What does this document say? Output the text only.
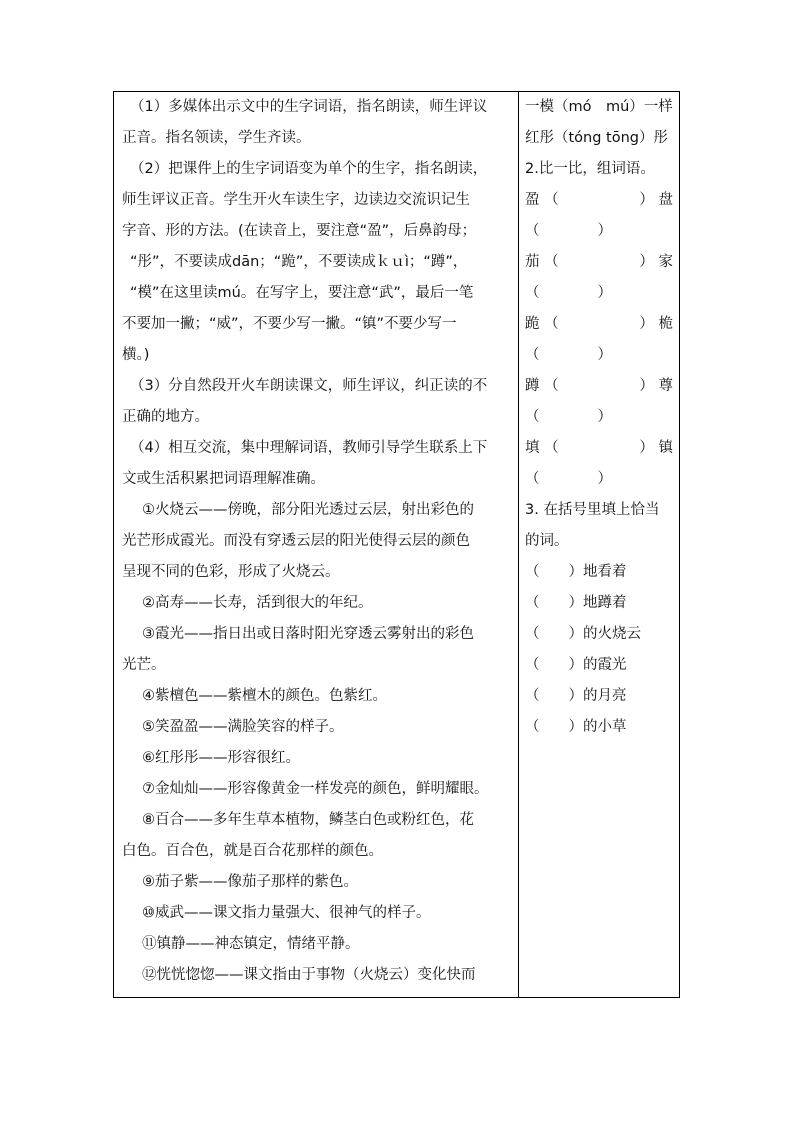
（1）多媒体出示文中的生字词语，指名朗读，师生评议
正音。指名领读，学生齐读。
（2）把课件上的生字词语变为单个的生字，指名朗读，
师生评议正音。学生开火车读生字，边读边交流识记生
字音、形的方法。(在读音上，要注意“盈”，后鼻韵母；
“彤”，不要读成dān；“跪”，不要读成ｋｕì；“蹲”，
“模”在这里读mú。在写字上，要注意“武”，最后一笔
不要加一撇；“威”，不要少写一撇。“镇”不要少写一
横。)
（3）分自然段开火车朗读课文，师生评议，纠正读的不
正确的地方。
（4）相互交流，集中理解词语，教师引导学生联系上下
文或生活积累把词语理解准确。
①火烧云——傍晚，部分阳光透过云层，射出彩色的
光芒形成霞光。而没有穿透云层的阳光使得云层的颜色
呈现不同的色彩，形成了火烧云。
②高寿——长寿，活到很大的年纪。
③霞光——指日出或日落时阳光穿透云雾射出的彩色
光芒。
④紫檀色——紫檀木的颜色。色紫红。
⑤笑盈盈——满脸笑容的样子。
⑥红彤彤——形容很红。
⑦金灿灿——形容像黄金一样发亮的颜色，鲜明耀眼。
⑧百合——多年生草本植物，鳞茎白色或粉红色，花
白色。百合色，就是百合花那样的颜色。
⑨茄子紫——像茄子那样的紫色。
⑩威武——课文指力量强大、很神气的样子。
⑪镇静——神态镇定，情绪平静。
⑫恍恍惚惚——课文指由于事物（火烧云）变化快而
一模（mó　mú）一样
红彤（tóng tōng）彤
2.比一比，组词语。
盈 （	） 盘
（　　　　）
茄 （	） 家
（　　　　）
跪 （	） 桅
（　　　　）
蹲 （	） 尊
（　　　　）
填 （	） 镇
（　　　　）
3. 在括号里填上恰当
的词。
（　　）地看着
（　　）地蹲着
（　　）的火烧云
（　　）的霞光
（　　）的月亮
（　　）的小草
